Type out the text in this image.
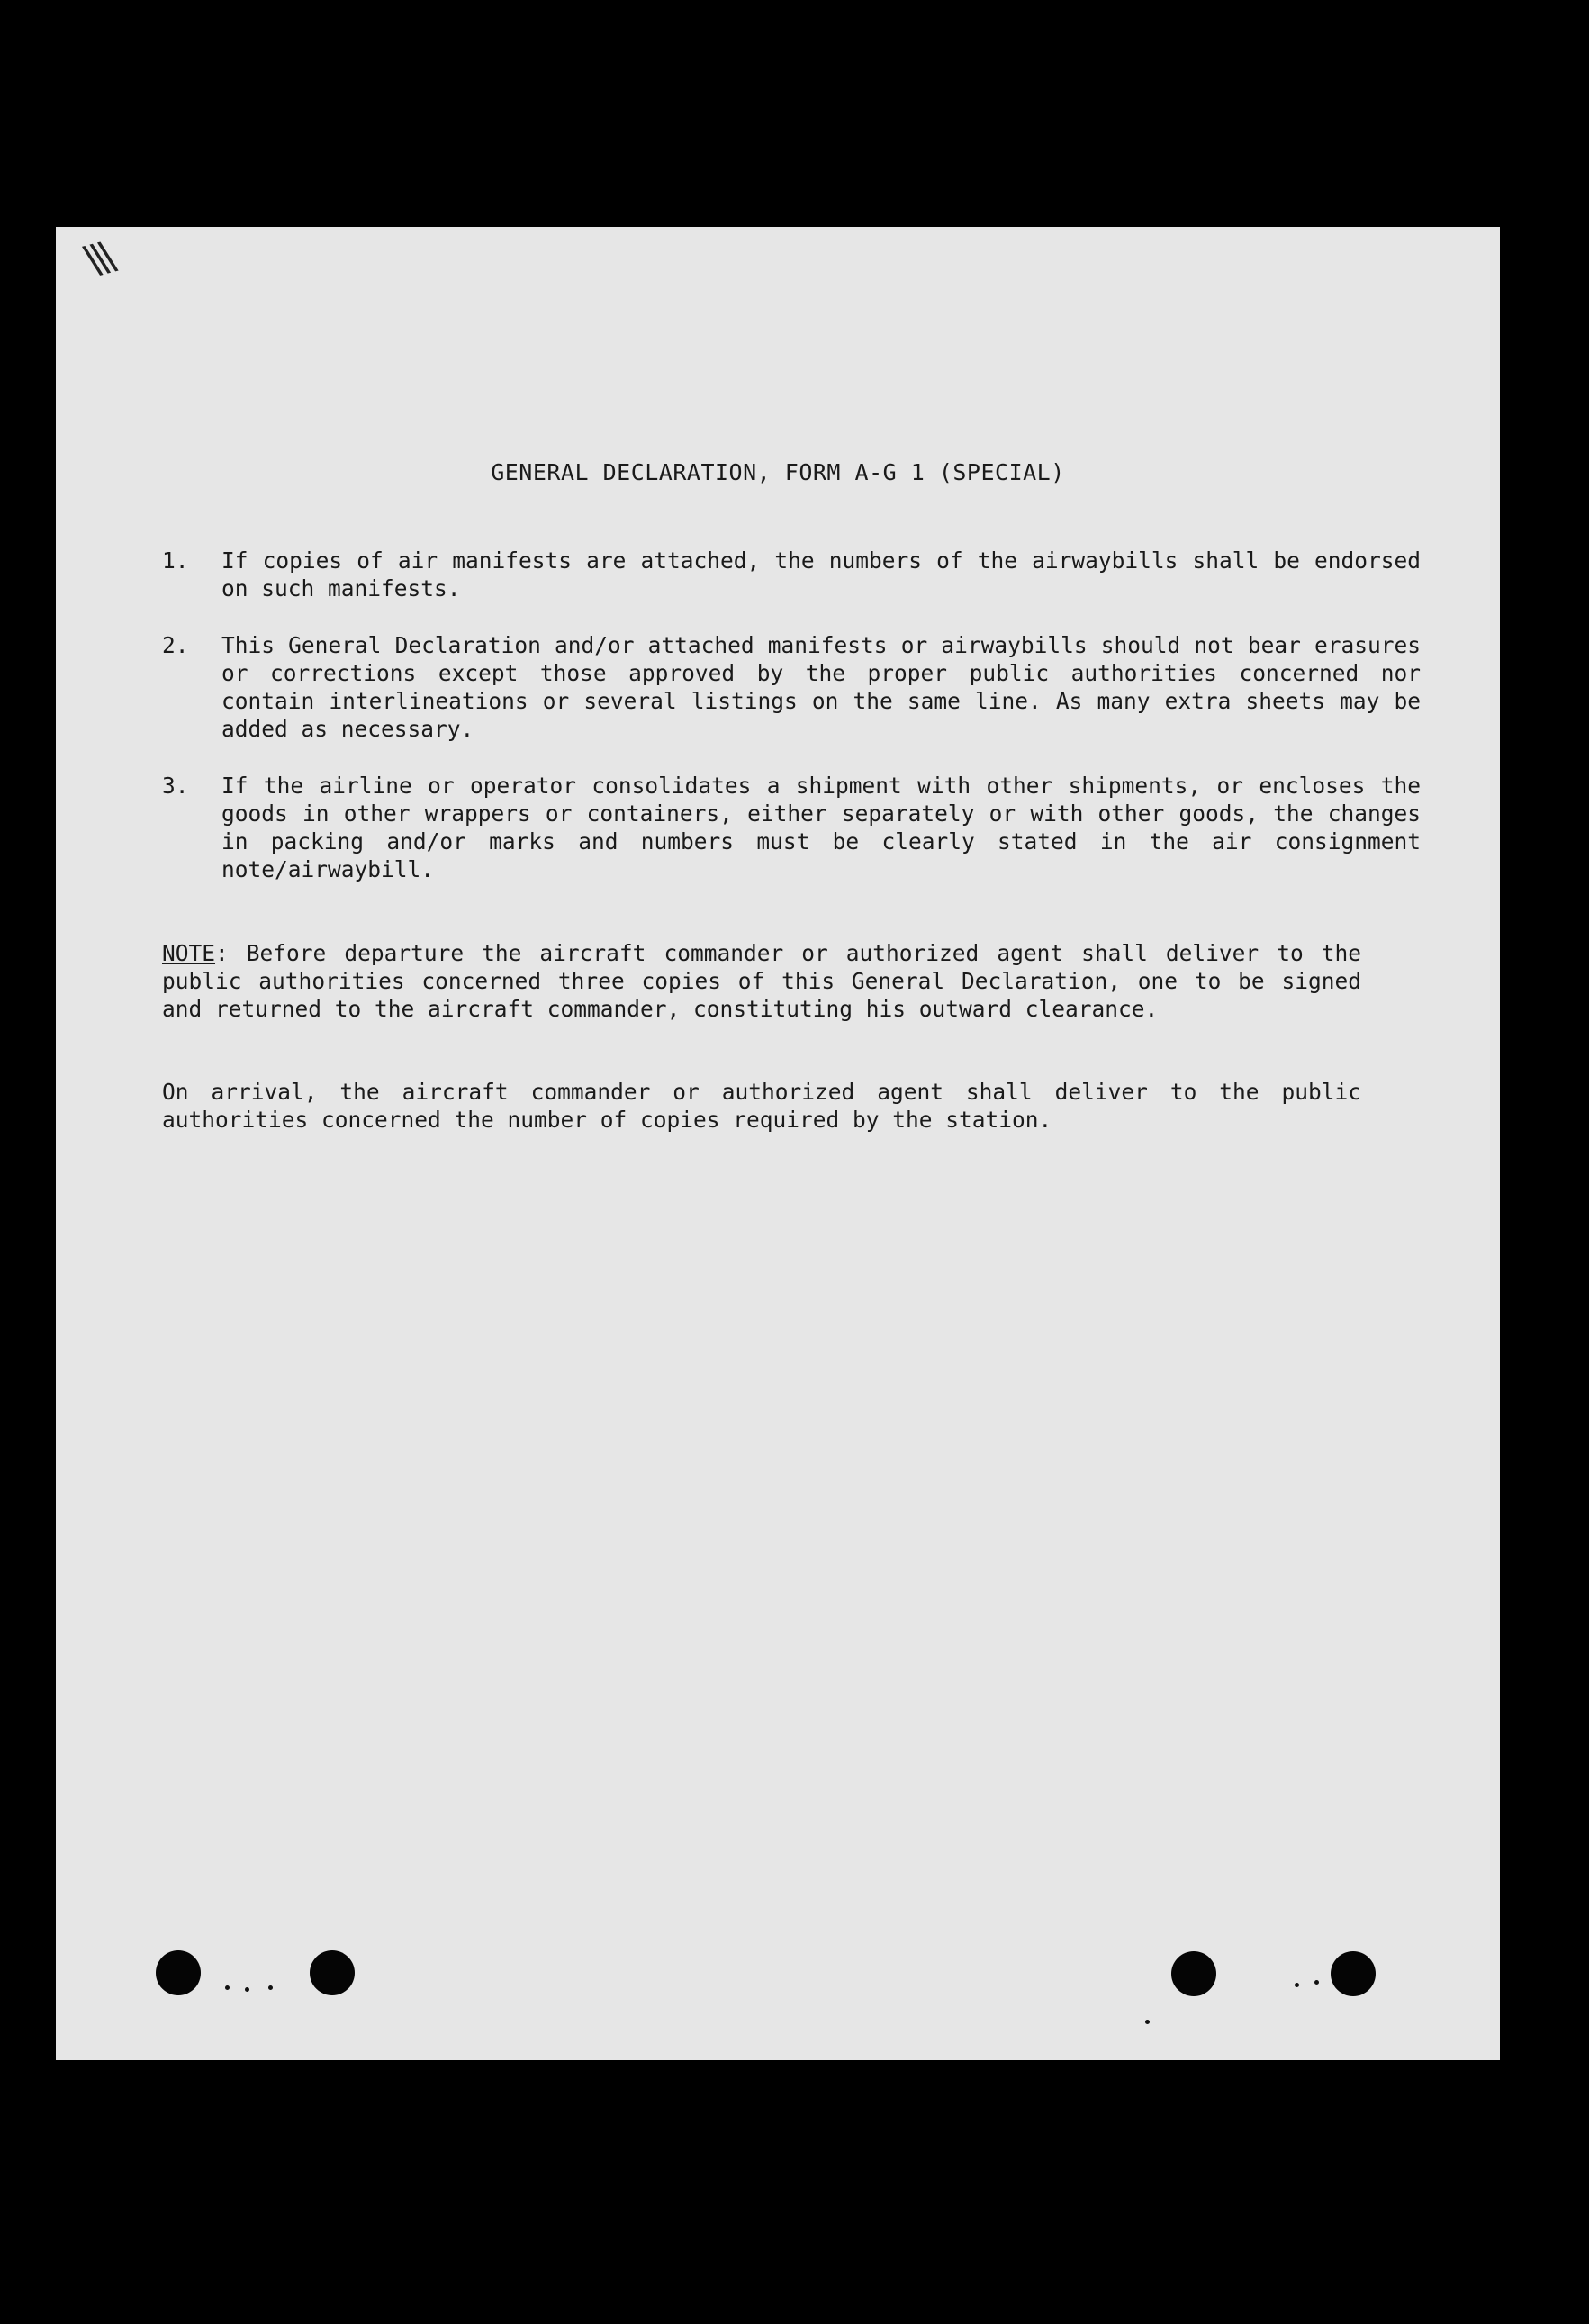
\\\
GENERAL DECLARATION, FORM A-G 1 (SPECIAL)
1. If copies of air manifests are attached, the numbers of the airwaybills shall be endorsed on such manifests.
2. This General Declaration and/or attached manifests or airwaybills should not bear erasures or corrections except those approved by the proper public authorities concerned nor contain interlineations or several listings on the same line. As many extra sheets may be added as necessary.
3. If the airline or operator consolidates a shipment with other shipments, or encloses the goods in other wrappers or containers, either separately or with other goods, the changes in packing and/or marks and numbers must be clearly stated in the air consignment note/airwaybill.
NOTE: Before departure the aircraft commander or authorized agent shall deliver to the public authorities concerned three copies of this General Declaration, one to be signed and returned to the aircraft commander, constituting his outward clearance.
On arrival, the aircraft commander or authorized agent shall deliver to the public authorities concerned the number of copies required by the station.
